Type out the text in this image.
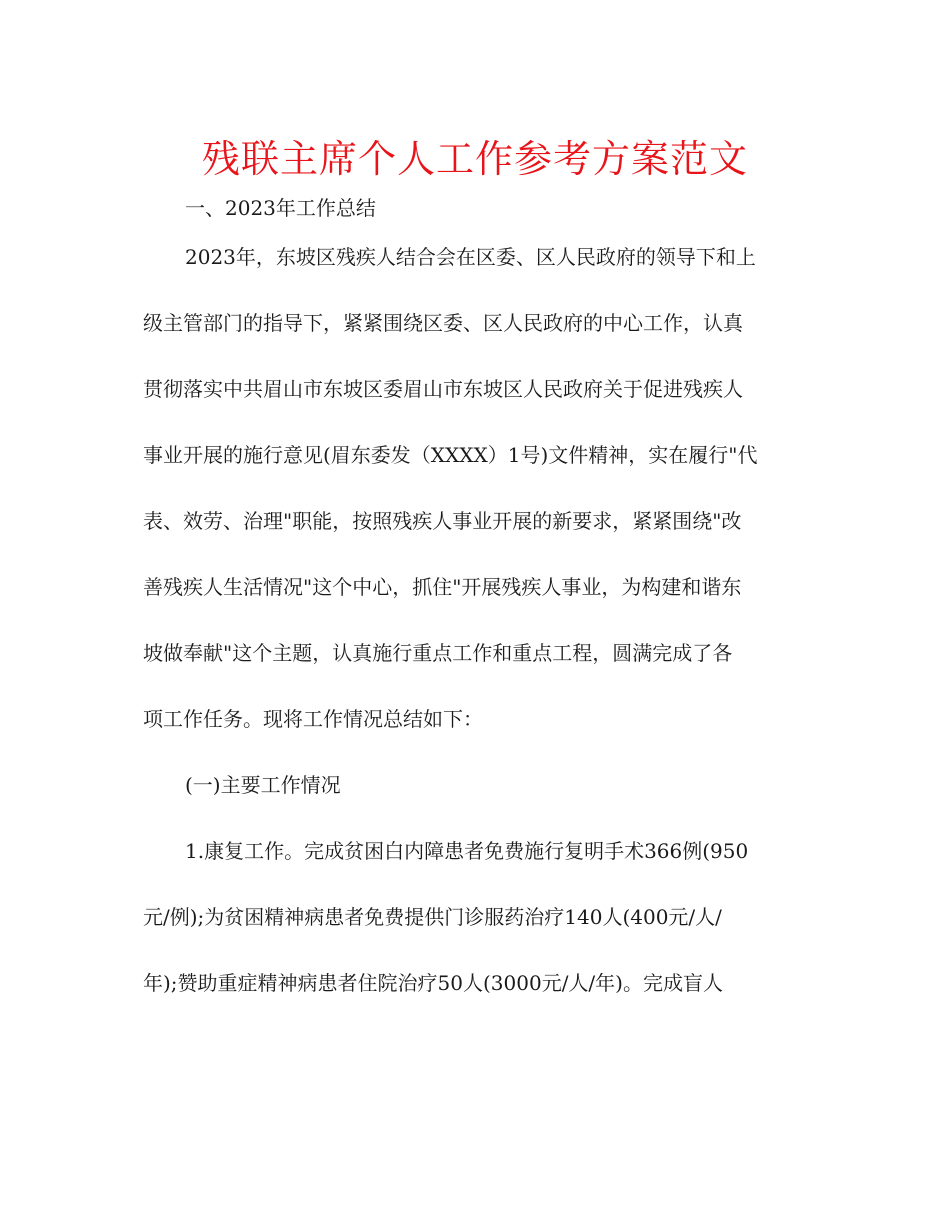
残联主席个人工作参考方案范文
一、2023年工作总结
2023年，东坡区残疾人结合会在区委、区人民政府的领导下和上
级主管部门的指导下，紧紧围绕区委、区人民政府的中心工作，认真
贯彻落实中共眉山市东坡区委眉山市东坡区人民政府关于促进残疾人
事业开展的施行意见(眉东委发（XXXX）1号)文件精神，实在履行"代
表、效劳、治理"职能，按照残疾人事业开展的新要求，紧紧围绕"改
善残疾人生活情况"这个中心，抓住"开展残疾人事业，为构建和谐东
坡做奉献"这个主题，认真施行重点工作和重点工程，圆满完成了各
项工作任务。现将工作情况总结如下：
(一)主要工作情况
1.康复工作。完成贫困白内障患者免费施行复明手术366例(950
元/例);为贫困精神病患者免费提供门诊服药治疗140人(400元/人/
年);赞助重症精神病患者住院治疗50人(3000元/人/年)。完成盲人
